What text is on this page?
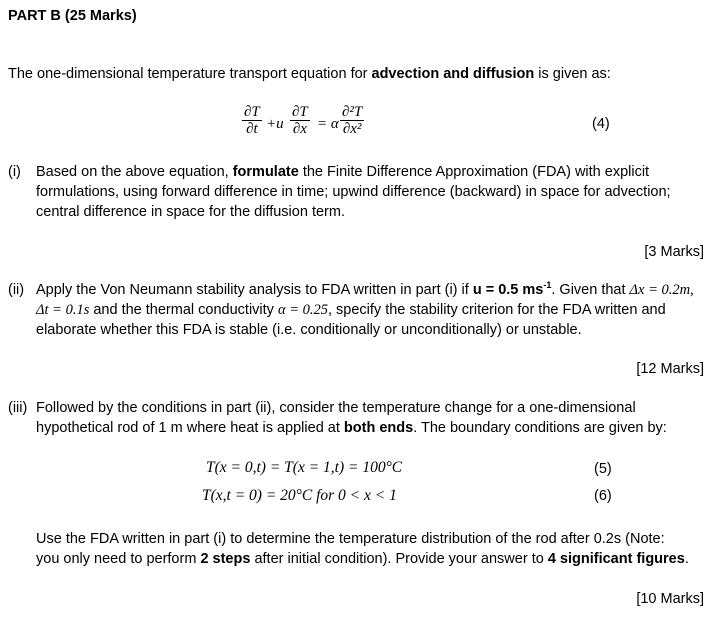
PART B (25 Marks)
The one-dimensional temperature transport equation for advection and diffusion is given as:
$\frac{\partial T}{\partial t} +u \frac{\partial T}{\partial x} = \alpha \frac{\text{∂²T}}{\text{∂x²}}$	(4)
(i) Based on the above equation, formulate the Finite Difference Approximation (FDA) with explicit
formulations, using forward difference in time; upwind difference (backward) in space for advection;
central difference in space for the diffusion term.
[3 Marks]
(ii) Apply the Von Neumann stability analysis to FDA written in part (i) if u = 0.5 $ms^{-1}$. Given that Δx = 0.2m,
Δt = 0.1s and the thermal conductivity α = 0.25, specify the stability criterion for the FDA written and
elaborate whether this FDA is stable (i.e. conditionally or unconditionally) or unstable.
[12 Marks]
(iii) Followed by the conditions in part (ii), consider the temperature change for a one-dimensional
hypothetical rod of 1 m where heat is applied at both ends. The boundary conditions are given by:
T(x = 0,t) = T(x = 1,t) = 100°C	(5)
T(x,t = 0) = 20°C for 0 < x < 1	(6)
Use the FDA written in part (i) to determine the temperature distribution of the rod after 0.2s (Note:
you only need to perform 2 steps after initial condition). Provide your answer to 4 significant figures.
[10 Marks]
